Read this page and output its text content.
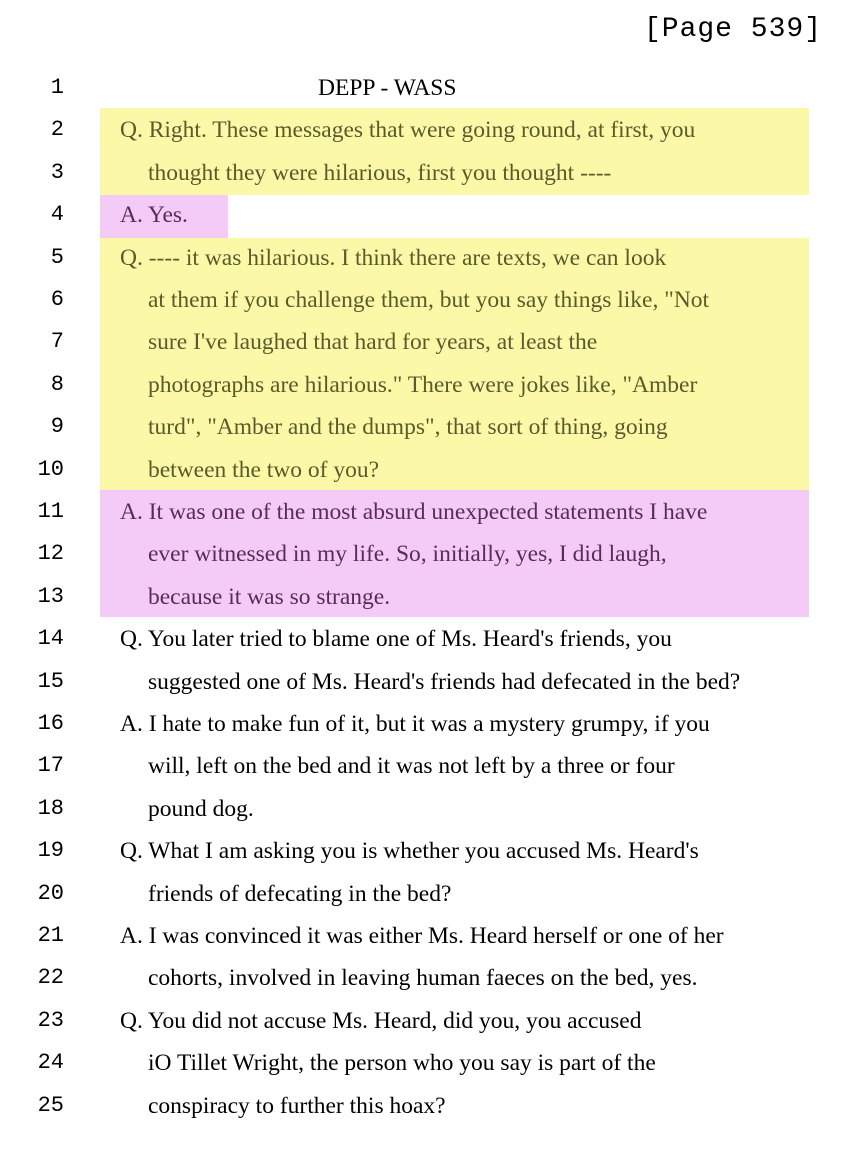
[Page 539]
1	DEPP - WASS
2 Q. Right. These messages that were going round, at first, you
3	thought they were hilarious, first you thought ----
4 A. Yes.
5 Q. ---- it was hilarious. I think there are texts, we can look
6	at them if you challenge them, but you say things like, "Not
7	sure I've laughed that hard for years, at least the
8	photographs are hilarious." There were jokes like, "Amber
9	turd", "Amber and the dumps", that sort of thing, going
10	between the two of you?
11 A. It was one of the most absurd unexpected statements I have
12	ever witnessed in my life. So, initially, yes, I did laugh,
13	because it was so strange.
14 Q. You later tried to blame one of Ms. Heard's friends, you
15	suggested one of Ms. Heard's friends had defecated in the bed?
16 A. I hate to make fun of it, but it was a mystery grumpy, if you
17	will, left on the bed and it was not left by a three or four
18	pound dog.
19 Q. What I am asking you is whether you accused Ms. Heard's
20	friends of defecating in the bed?
21 A. I was convinced it was either Ms. Heard herself or one of her
22	cohorts, involved in leaving human faeces on the bed, yes.
23 Q. You did not accuse Ms. Heard, did you, you accused
24	iO Tillet Wright, the person who you say is part of the
25	conspiracy to further this hoax?
